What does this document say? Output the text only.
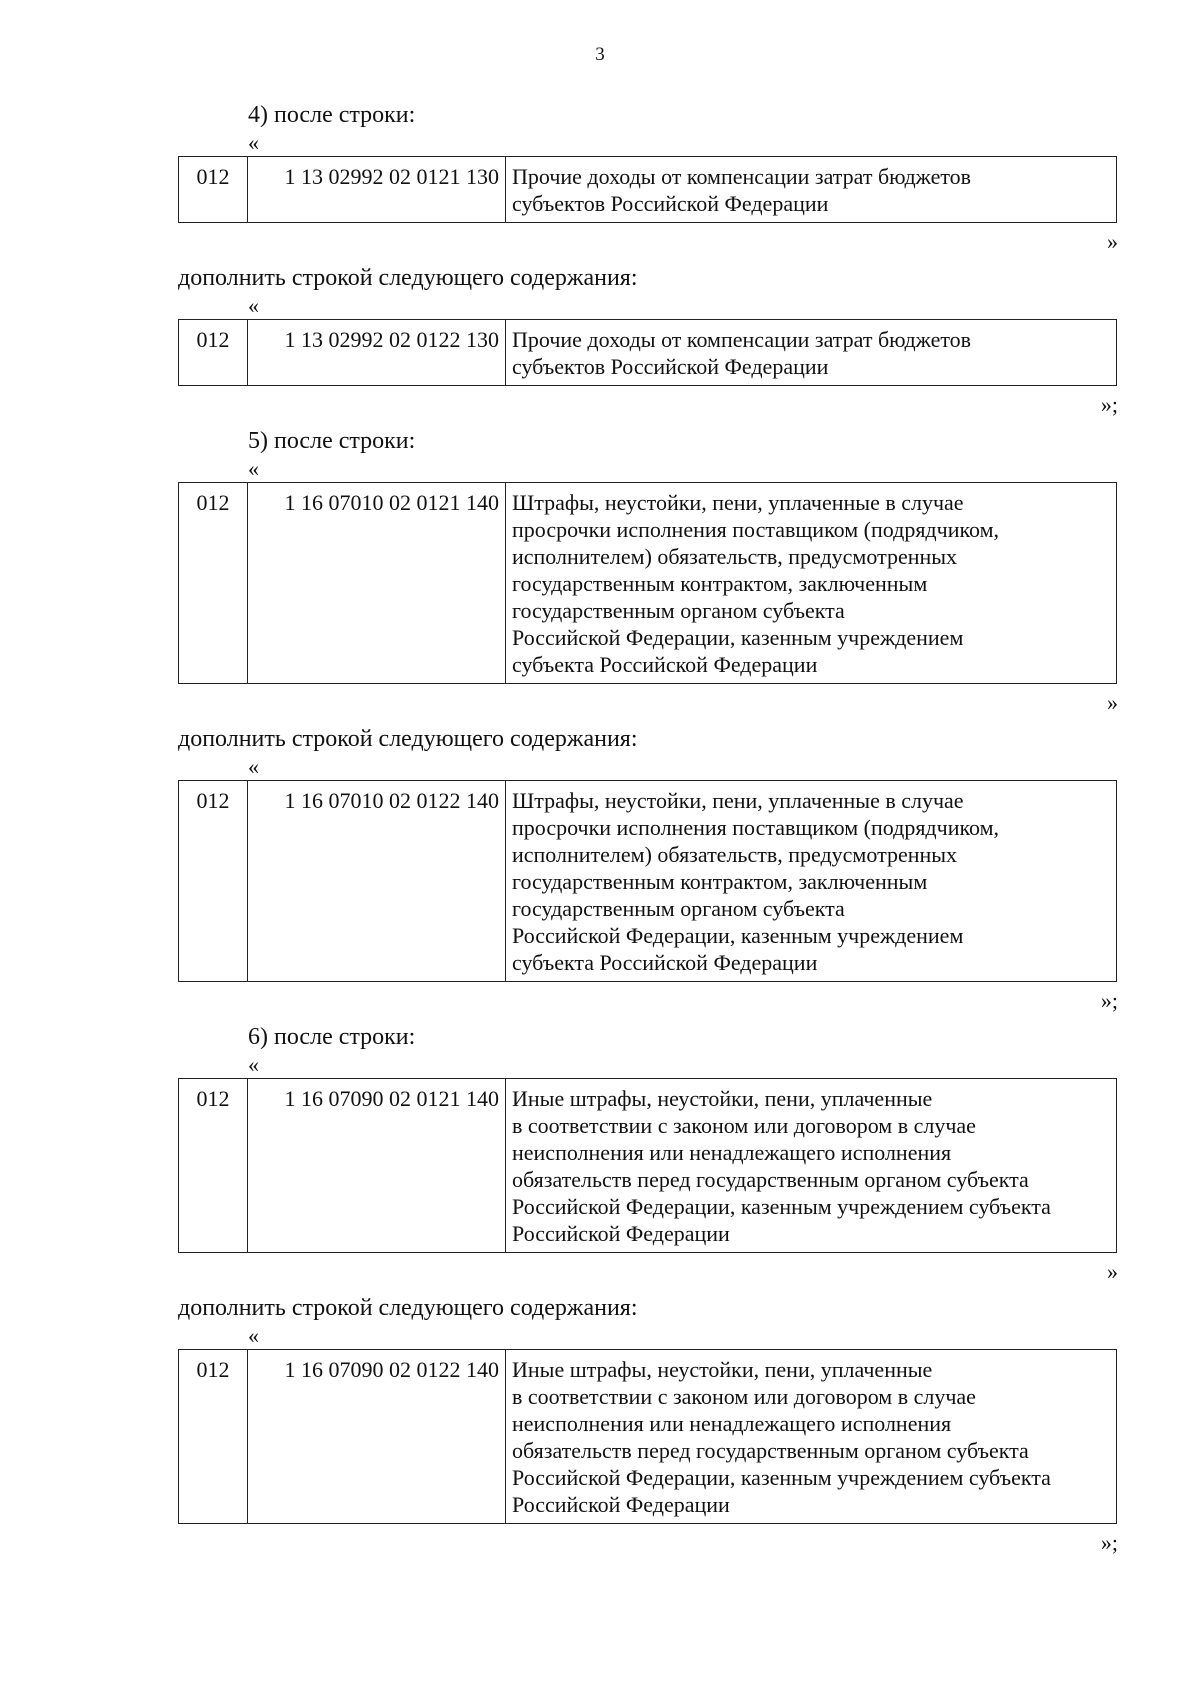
3

4) после строки:

«
012	1 13 02992 02 0121 130	Прочие доходы от компенсации затрат бюджетов
субъектов Российской Федерации
»

дополнить строкой следующего содержания:

«
012	1 13 02992 02 0122 130	Прочие доходы от компенсации затрат бюджетов
субъектов Российской Федерации
»;

5) после строки:

«
012	1 16 07010 02 0121 140	Штрафы, неустойки, пени, уплаченные в случае
просрочки исполнения поставщиком (подрядчиком,
исполнителем) обязательств, предусмотренных
государственным контрактом, заключенным
государственным органом субъекта
Российской Федерации, казенным учреждением
субъекта Российской Федерации
»

дополнить строкой следующего содержания:

«
012	1 16 07010 02 0122 140	Штрафы, неустойки, пени, уплаченные в случае
просрочки исполнения поставщиком (подрядчиком,
исполнителем) обязательств, предусмотренных
государственным контрактом, заключенным
государственным органом субъекта
Российской Федерации, казенным учреждением
субъекта Российской Федерации
»;

6) после строки:

«
012	1 16 07090 02 0121 140	Иные штрафы, неустойки, пени, уплаченные
в соответствии с законом или договором в случае
неисполнения или ненадлежащего исполнения
обязательств перед государственным органом субъекта
Российской Федерации, казенным учреждением субъекта
Российской Федерации
»

дополнить строкой следующего содержания:

«
012	1 16 07090 02 0122 140	Иные штрафы, неустойки, пени, уплаченные
в соответствии с законом или договором в случае
неисполнения или ненадлежащего исполнения
обязательств перед государственным органом субъекта
Российской Федерации, казенным учреждением субъекта
Российской Федерации
»;
